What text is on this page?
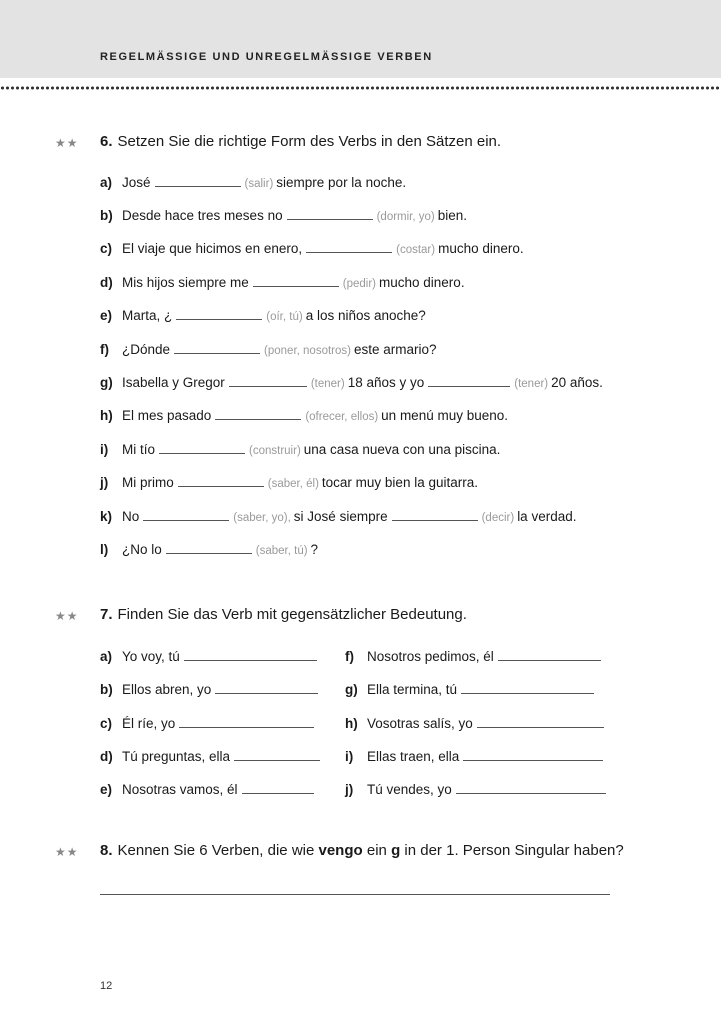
REGELMÄSSIGE UND UNREGELMÄSSIGE VERBEN
★★ 6. Setzen Sie die richtige Form des Verbs in den Sätzen ein.
a) José	(salir) siempre por la noche.
b) Desde hace tres meses no	(dormir, yo) bien.
c) El viaje que hicimos en enero,	(costar) mucho dinero.
d) Mis hijos siempre me	(pedir) mucho dinero.
e) Marta, ¿	(oír, tú) a los niños anoche?
f) ¿Dónde	(poner, nosotros) este armario?
g) Isabella y Gregor	(tener) 18 años y yo	(tener) 20 años.
h) El mes pasado	(ofrecer, ellos) un menú muy bueno.
i) Mi tío	(construir) una casa nueva con una piscina.
j) Mi primo	(saber, él) tocar muy bien la guitarra.
k) No	(saber, yo), si José siempre	(decir) la verdad.
l) ¿No lo	(saber, tú) ?
★★ 7. Finden Sie das Verb mit gegensätzlicher Bedeutung.
a) Yo voy, tú
b) Ellos abren, yo
c) Él ríe, yo
d) Tú preguntas, ella
e) Nosotras vamos, él
f) Nosotros pedimos, él
g) Ella termina, tú
h) Vosotras salís, yo
i) Ellas traen, ella
j) Tú vendes, yo
★★ 8. Kennen Sie 6 Verben, die wie vengo ein g in der 1. Person Singular haben?
12
